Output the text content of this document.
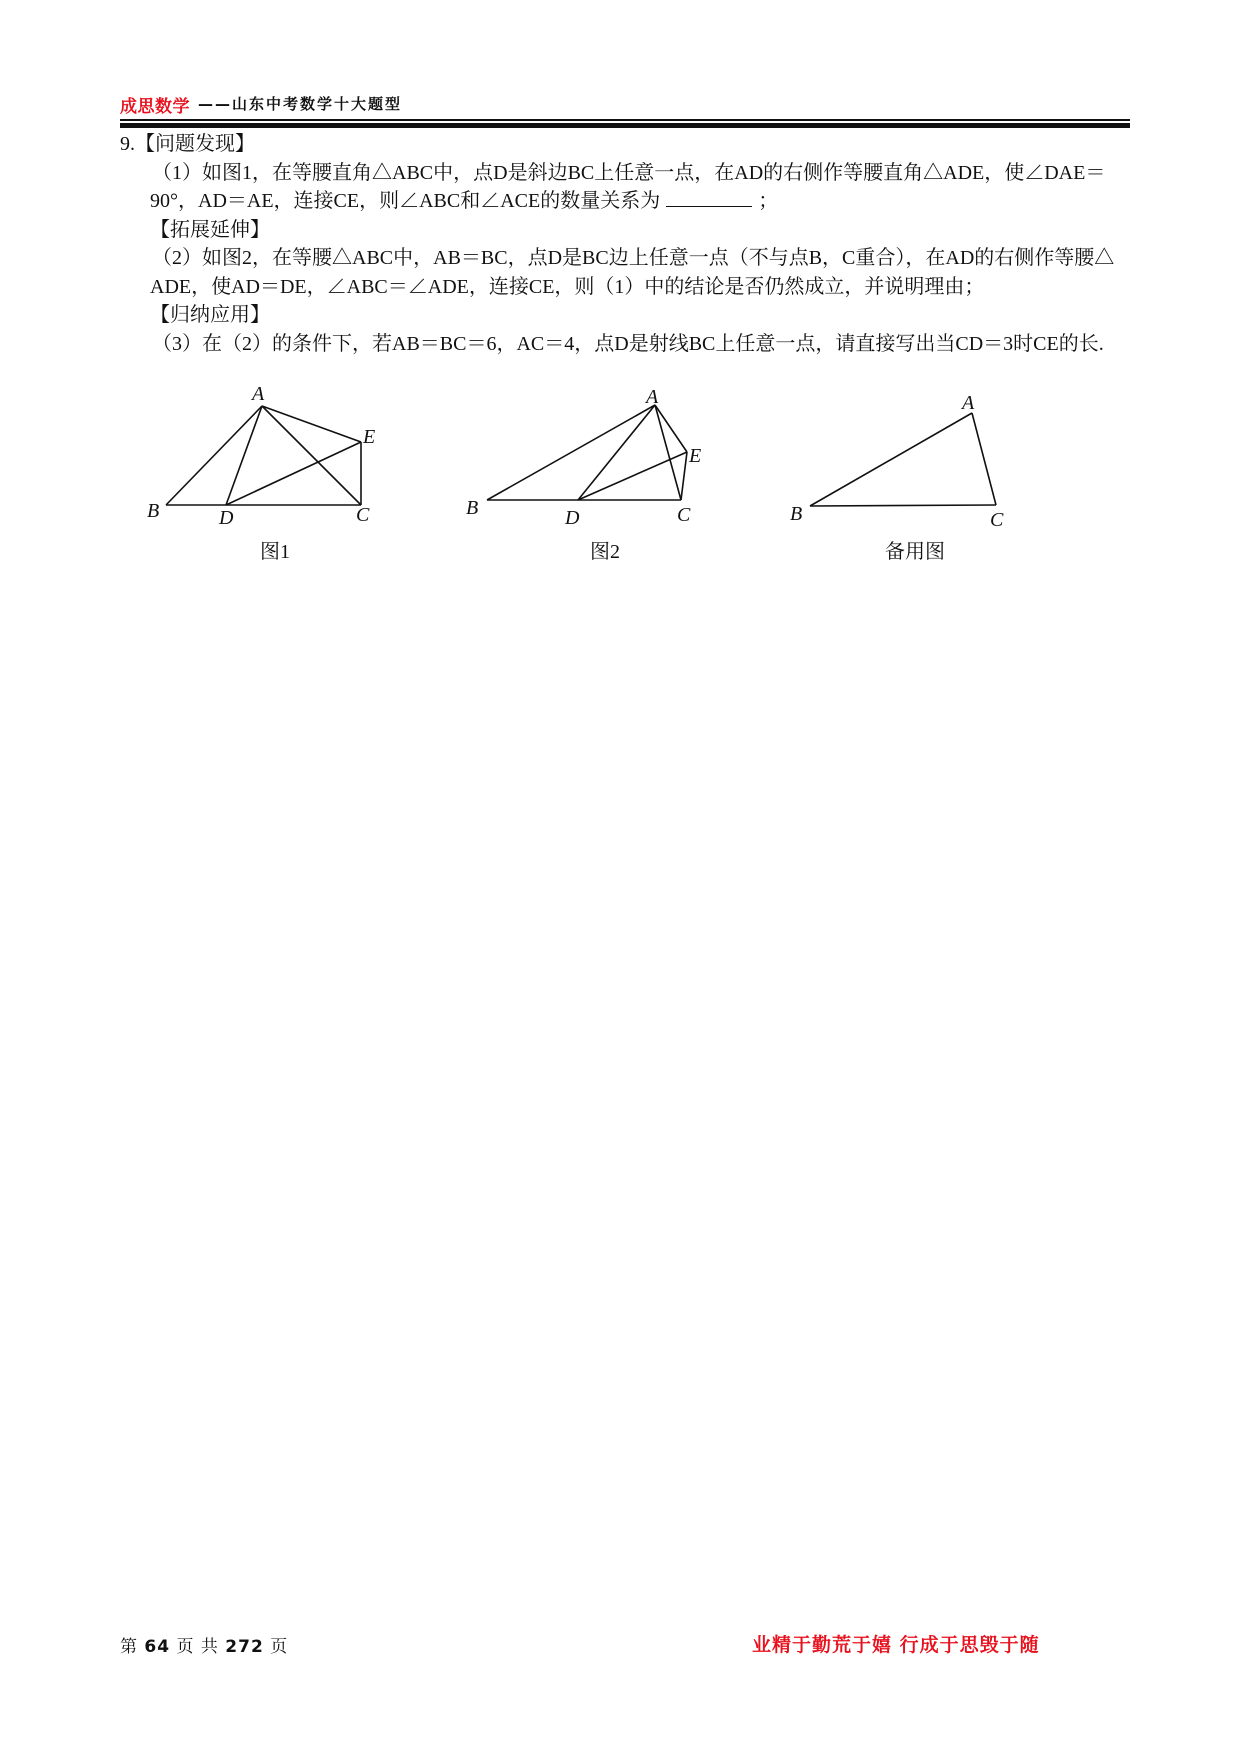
成思数学 ——山东中考数学十大题型
9.【问题发现】
（1）如图1，在等腰直角△ABC中，点D是斜边BC上任意一点，在AD的右侧作等腰直角△ADE，使∠DAE＝
90°，AD＝AE，连接CE，则∠ABC和∠ACE的数量关系为	；
【拓展延伸】
（2）如图2，在等腰△ABC中，AB＝BC，点D是BC边上任意一点（不与点B，C重合），在AD的右侧作等腰△
ADE，使AD＝DE，∠ABC＝∠ADE，连接CE，则（1）中的结论是否仍然成立，并说明理由；
【归纳应用】
（3）在（2）的条件下，若AB＝BC＝6，AC＝4，点D是射线BC上任意一点，请直接写出当CD＝3时CE的长.
A
B	C
D
E
A
B	C
D
E
A
B	C
图1	图2	备用图
第 64 页 共 272 页	业精于勤荒于嬉 行成于思毁于随
